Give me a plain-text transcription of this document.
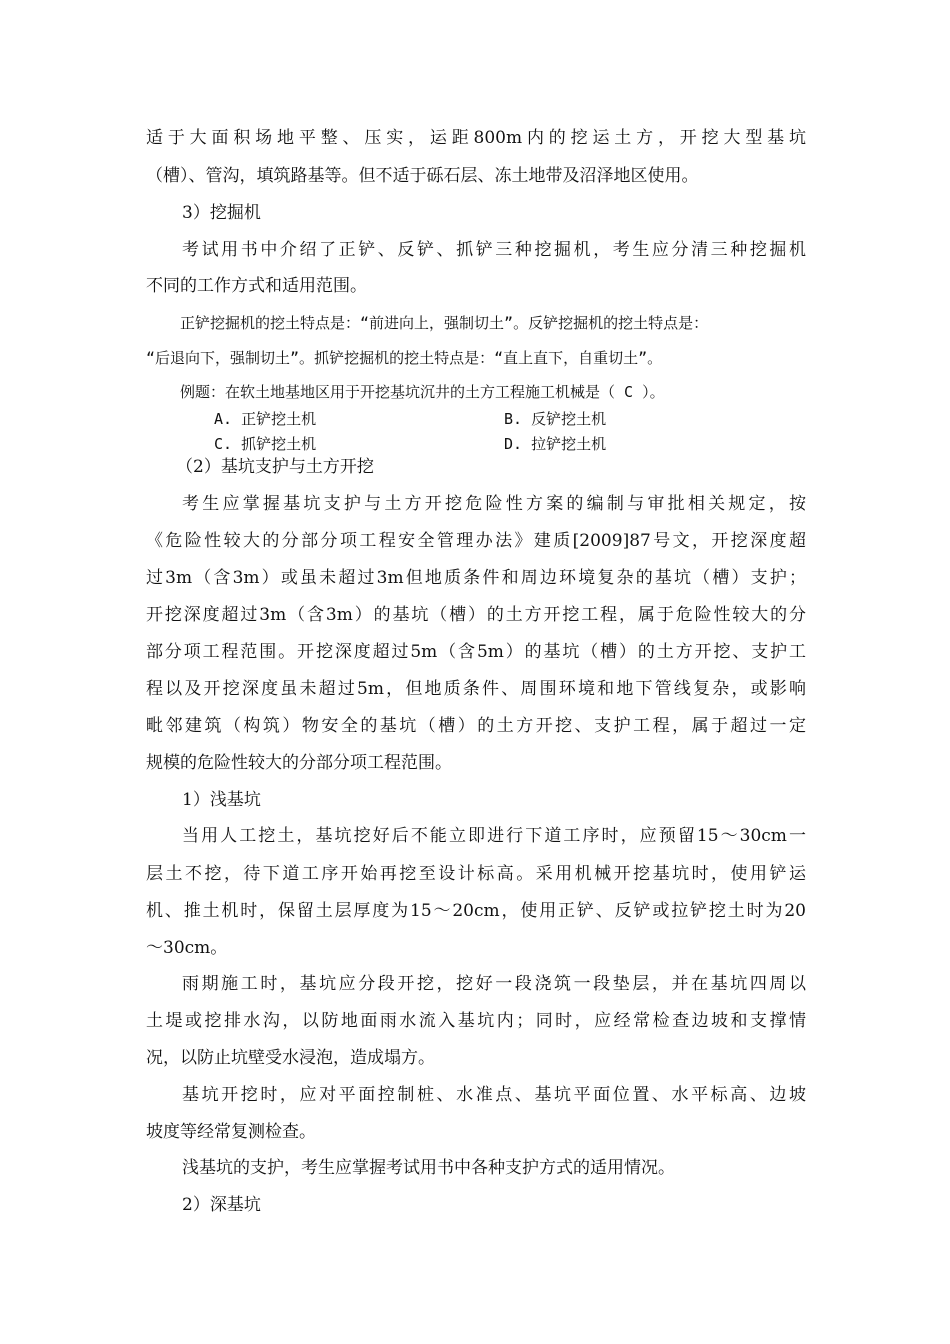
适于大面积场地平整、压实，运距800m内的挖运土方，开挖大型基坑
（槽）、管沟，填筑路基等。但不适于砾石层、冻土地带及沼泽地区使用。
3）挖掘机
考试用书中介绍了正铲、反铲、抓铲三种挖掘机，考生应分清三种挖掘机
不同的工作方式和适用范围。
正铲挖掘机的挖土特点是：“前进向上，强制切土”。反铲挖掘机的挖土特点是：
“后退向下，强制切土”。抓铲挖掘机的挖土特点是：“直上直下，自重切土”。
例题：在软土地基地区用于开挖基坑沉井的土方工程施工机械是（ C ）。
A. 正铲挖土机	B. 反铲挖土机
C. 抓铲挖土机	D. 拉铲挖土机
（2）基坑支护与土方开挖
考生应掌握基坑支护与土方开挖危险性方案的编制与审批相关规定，按
《危险性较大的分部分项工程安全管理办法》建质[2009]87号文，开挖深度超
过3m（含3m）或虽未超过3m但地质条件和周边环境复杂的基坑（槽）支护；
开挖深度超过3m（含3m）的基坑（槽）的土方开挖工程，属于危险性较大的分
部分项工程范围。开挖深度超过5m（含5m）的基坑（槽）的土方开挖、支护工
程以及开挖深度虽未超过5m，但地质条件、周围环境和地下管线复杂，或影响
毗邻建筑（构筑）物安全的基坑（槽）的土方开挖、支护工程，属于超过一定
规模的危险性较大的分部分项工程范围。
1）浅基坑
当用人工挖土，基坑挖好后不能立即进行下道工序时，应预留15～30cm一
层土不挖，待下道工序开始再挖至设计标高。采用机械开挖基坑时，使用铲运
机、推土机时，保留土层厚度为15～20cm，使用正铲、反铲或拉铲挖土时为20
～30cm。
雨期施工时，基坑应分段开挖，挖好一段浇筑一段垫层，并在基坑四周以
土堤或挖排水沟，以防地面雨水流入基坑内；同时，应经常检查边坡和支撑情
况，以防止坑壁受水浸泡，造成塌方。
基坑开挖时，应对平面控制桩、水准点、基坑平面位置、水平标高、边坡
坡度等经常复测检查。
浅基坑的支护，考生应掌握考试用书中各种支护方式的适用情况。
2）深基坑
